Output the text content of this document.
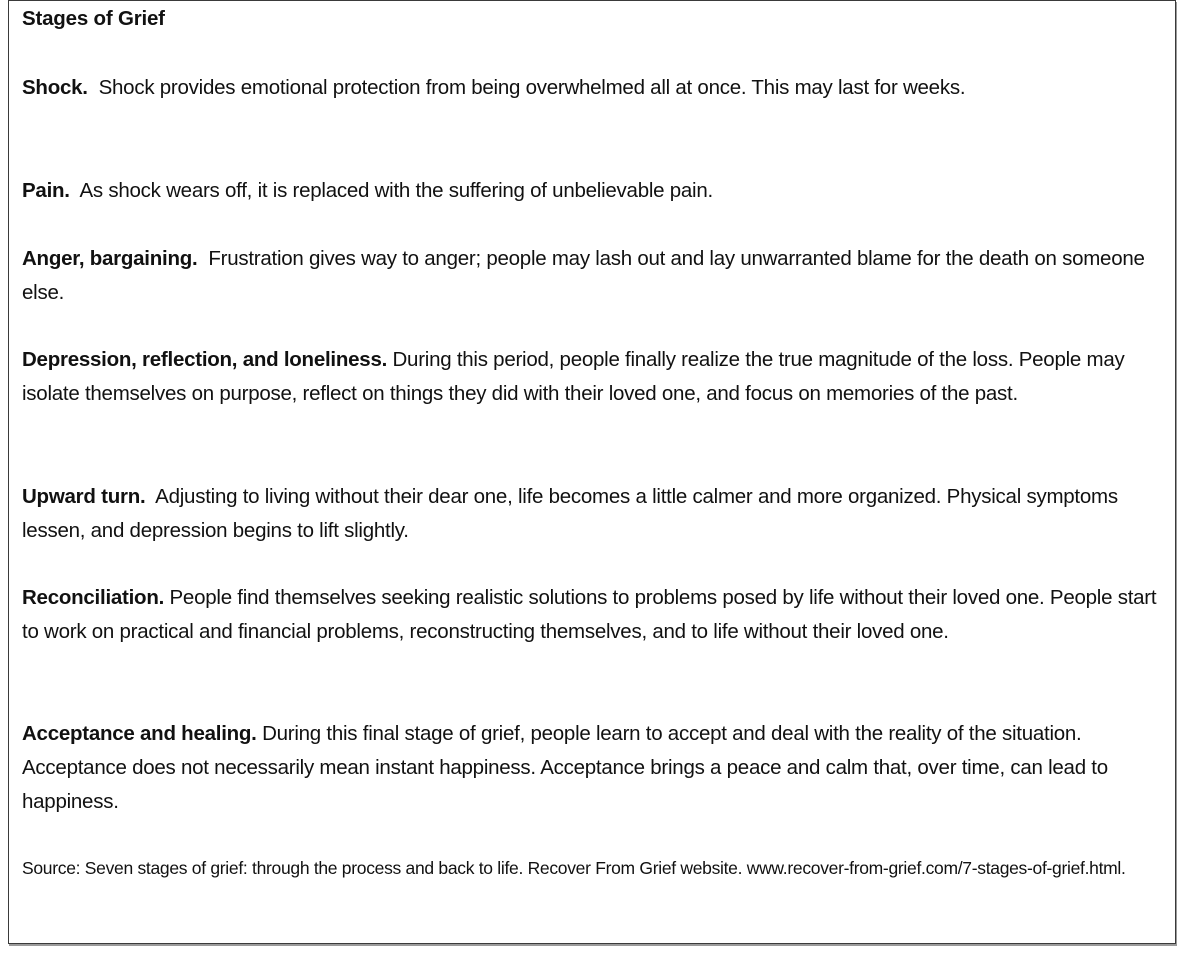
Stages of Grief
Shock.  Shock provides emotional protection from being overwhelmed all at once. This may last for weeks.
Pain.  As shock wears off, it is replaced with the suffering of unbelievable pain.
Anger, bargaining.  Frustration gives way to anger; people may lash out and lay unwarranted blame for the death on someone else.
Depression, reflection, and loneliness. During this period, people finally realize the true magnitude of the loss. People may isolate themselves on purpose, reflect on things they did with their loved one, and focus on memories of the past.
Upward turn.  Adjusting to living without their dear one, life becomes a little calmer and more organized. Physical symptoms lessen, and depression begins to lift slightly.
Reconciliation. People find themselves seeking realistic solutions to problems posed by life without their loved one. People start to work on practical and financial problems, reconstructing themselves, and to life without their loved one.
Acceptance and healing. During this final stage of grief, people learn to accept and deal with the reality of the situation. Acceptance does not necessarily mean instant happiness. Acceptance brings a peace and calm that, over time, can lead to happiness.
Source: Seven stages of grief: through the process and back to life. Recover From Grief website. www.recover-from-grief.com/7-stages-of-grief.html.
